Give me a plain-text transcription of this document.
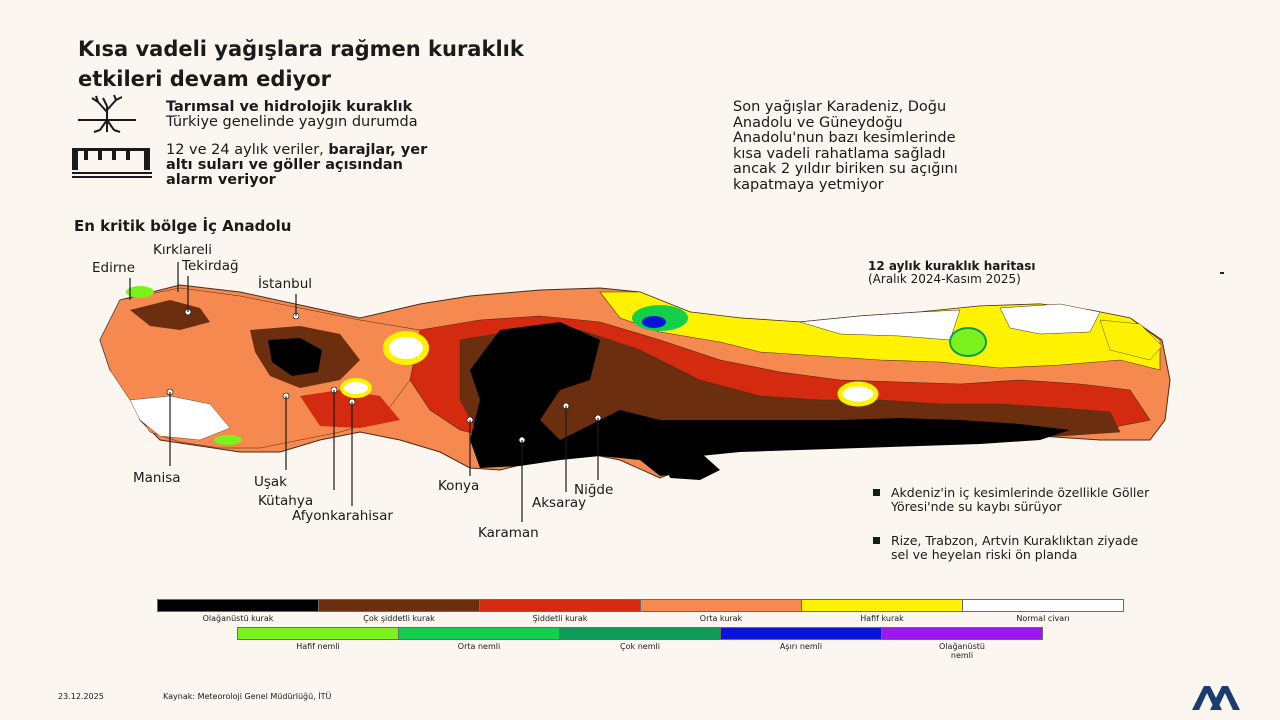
Kısa vadeli yağışlara rağmen kuraklık
etkileri devam ediyor
Tarımsal ve hidrolojik kuraklık
Türkiye genelinde yaygın durumda
12 ve 24 aylık veriler, barajlar, yer
altı suları ve göller açısından
alarm veriyor
Son yağışlar Karadeniz, Doğu
Anadolu ve Güneydoğu
Anadolu'nun bazı kesimlerinde
kısa vadeli rahatlama sağladı
ancak 2 yıldır biriken su açığını
kapatmaya yetmiyor
En kritik bölge İç Anadolu
12 aylık kuraklık haritası
(Aralık 2024-Kasım 2025)
Kırklareli
Edirne	Tekirdağ
İstanbul
Manisa	Uşak
Kütahya
Afyonkarahisar
Konya
Karaman
Aksaray
Niğde	Akdeniz'in iç kesimlerinde özellikle Göller Yöresi'nde su kaybı sürüyor
Rize, Trabzon, Artvin Kuraklıktan ziyade sel ve heyelan riski ön planda
Olağanüstü kurak	Çok şiddetli kurak	Şiddetli kurak	Orta kurak	Hafif kurak	Normal civarı
Hafif nemli	Orta nemli	Çok nemli	Aşırı nemli	Olağanüstü nemli
23.12.2025	Kaynak: Meteoroloji Genel Müdürlüğü, İTÜ
